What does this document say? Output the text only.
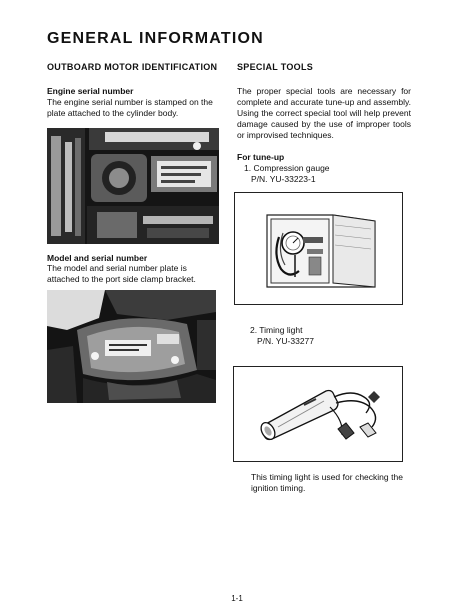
GENERAL INFORMATION

OUTBOARD MOTOR IDENTIFICATION

Engine serial number

The engine serial number is stamped on the plate attached to the cylinder body.

Model and serial number

The model and serial number plate is attached to the port side clamp bracket.

SPECIAL TOOLS

The proper special tools are necessary for complete and accurate tune-up and assembly. Using the correct special tool will help prevent damage caused by the use of improper tools or improvised techniques.

For tune-up

1. Compression gauge

P/N. YU-33223-1

2. Timing light

P/N. YU-33277

This timing light is used for checking the ignition timing.

1-1
